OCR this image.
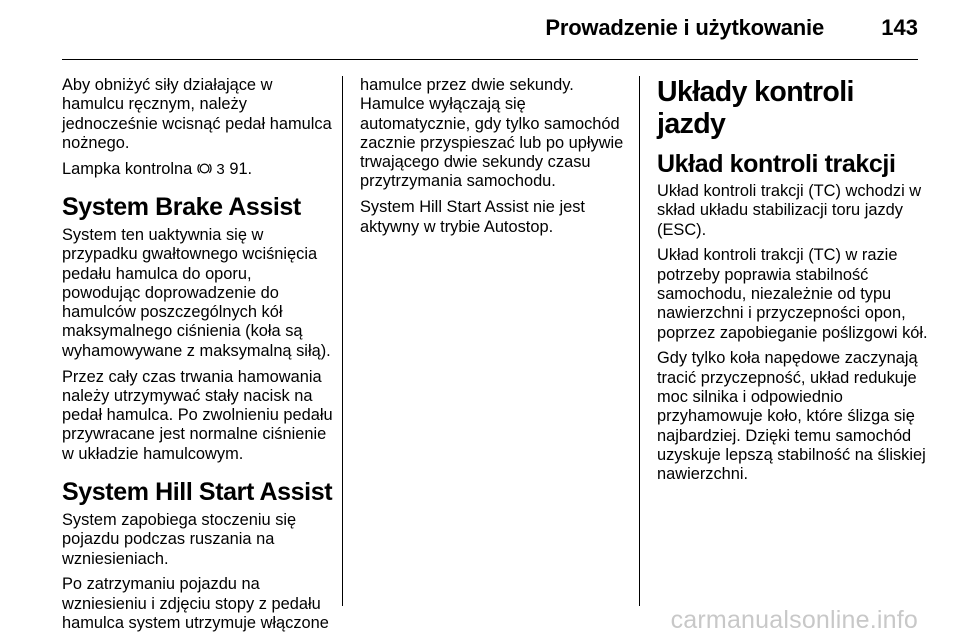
Prowadzenie i użytkowanie	143

Aby obniżyć siły działające w hamulcu ręcznym, należy jednocześnie wcisnąć pedał hamulca nożnego.

Lampka kontrolna 3 91.

System Brake Assist

System ten uaktywnia się w przypadku gwałtownego wciśnięcia pedału hamulca do oporu, powodując doprowadzenie do hamulców poszczególnych kół maksymalnego ciśnienia (koła są wyhamowywane z maksymalną siłą).

Przez cały czas trwania hamowania należy utrzymywać stały nacisk na pedał hamulca. Po zwolnieniu pedału przywracane jest normalne ciśnienie w układzie hamulcowym.

System Hill Start Assist

System zapobiega stoczeniu się pojazdu podczas ruszania na wzniesieniach.

Po zatrzymaniu pojazdu na wzniesieniu i zdjęciu stopy z pedału hamulca system utrzymuje włączone

hamulce przez dwie sekundy. Hamulce wyłączają się automatycznie, gdy tylko samochód zacznie przyspieszać lub po upływie trwającego dwie sekundy czasu przytrzymania samochodu.

System Hill Start Assist nie jest aktywny w trybie Autostop.

Układy kontroli jazdy
Układ kontroli trakcji

Układ kontroli trakcji (TC) wchodzi w skład układu stabilizacji toru jazdy (ESC).

Układ kontroli trakcji (TC) w razie potrzeby poprawia stabilność samochodu, niezależnie od typu nawierzchni i przyczepności opon, poprzez zapobieganie poślizgowi kół.

Gdy tylko koła napędowe zaczynają tracić przyczepność, układ redukuje moc silnika i odpowiednio przyhamowuje koło, które ślizga się najbardziej. Dzięki temu samochód uzyskuje lepszą stabilność na śliskiej nawierzchni.

carmanualsonline.info
